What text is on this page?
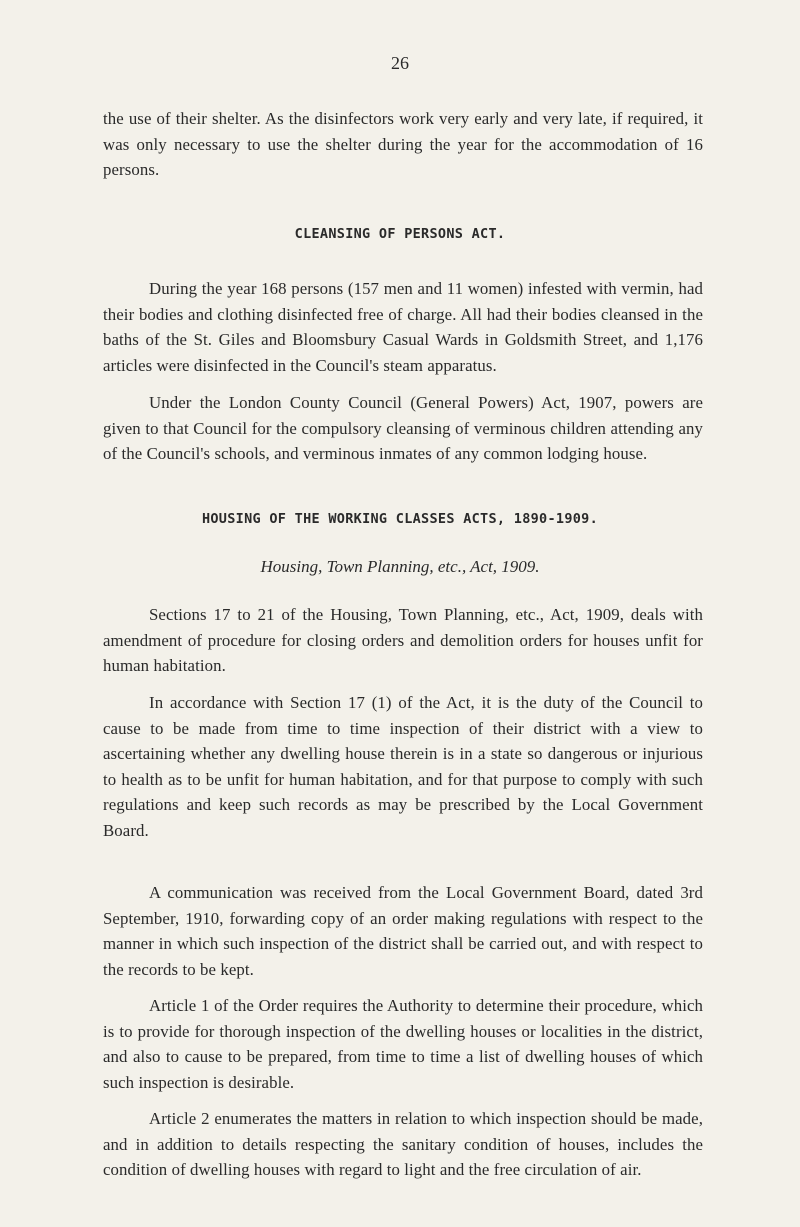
26

the use of their shelter. As the disinfectors work very early and very late, if required, it was only necessary to use the shelter during the year for the accommodation of 16 persons.

CLEANSING OF PERSONS ACT.

During the year 168 persons (157 men and 11 women) infested with vermin, had their bodies and clothing disinfected free of charge. All had their bodies cleansed in the baths of the St. Giles and Bloomsbury Casual Wards in Goldsmith Street, and 1,176 articles were disinfected in the Council's steam apparatus.

Under the London County Council (General Powers) Act, 1907, powers are given to that Council for the compulsory cleansing of verminous children attending any of the Council's schools, and verminous inmates of any common lodging house.

HOUSING OF THE WORKING CLASSES ACTS, 1890-1909.
Housing, Town Planning, etc., Act, 1909.

Sections 17 to 21 of the Housing, Town Planning, etc., Act, 1909, deals with amendment of procedure for closing orders and demolition orders for houses unfit for human habitation.

In accordance with Section 17 (1) of the Act, it is the duty of the Council to cause to be made from time to time inspection of their district with a view to ascertaining whether any dwelling house therein is in a state so dangerous or injurious to health as to be unfit for human habitation, and for that purpose to comply with such regulations and keep such records as may be prescribed by the Local Government Board.

A communication was received from the Local Government Board, dated 3rd September, 1910, forwarding copy of an order making regulations with respect to the manner in which such inspection of the district shall be carried out, and with respect to the records to be kept.

Article 1 of the Order requires the Authority to determine their procedure, which is to provide for thorough inspection of the dwelling houses or localities in the district, and also to cause to be prepared, from time to time a list of dwelling houses of which such inspection is desirable.

Article 2 enumerates the matters in relation to which inspection should be made, and in addition to details respecting the sanitary condition of houses, includes the condition of dwelling houses with regard to light and the free circulation of air.
